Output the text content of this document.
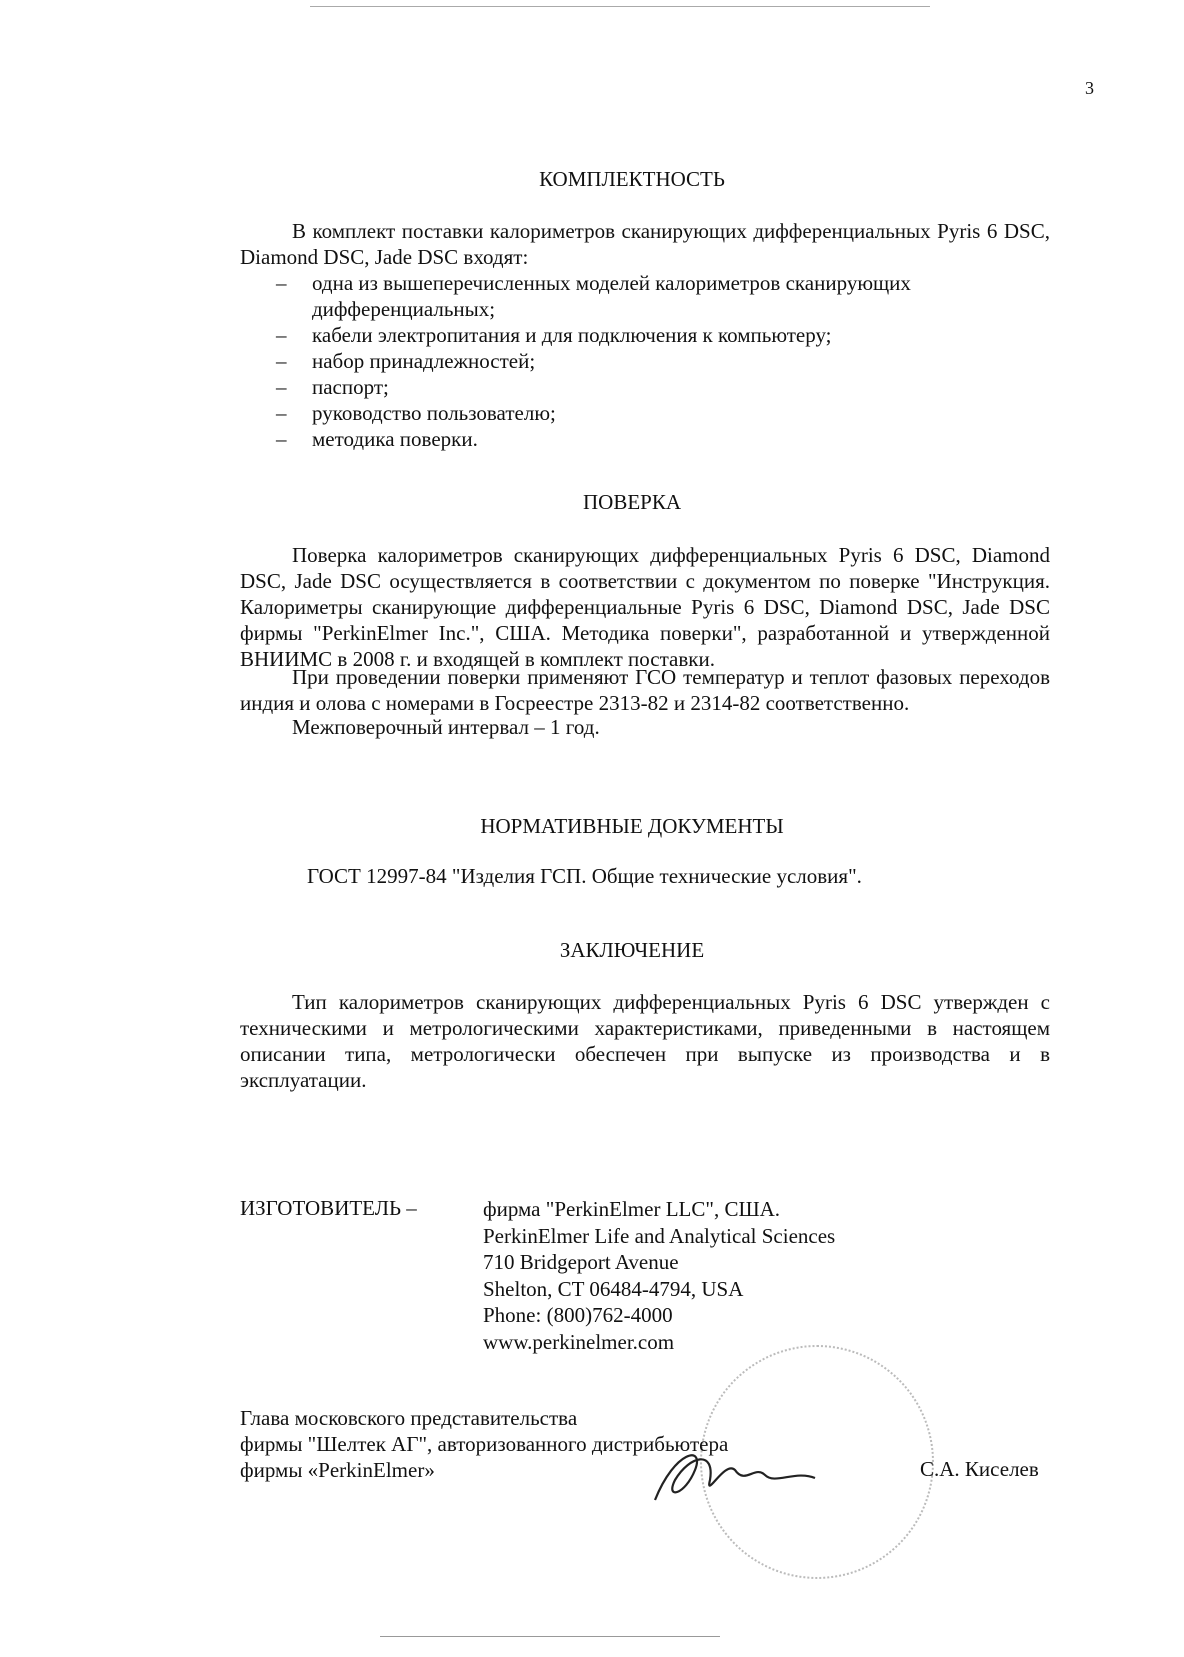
3
КОМПЛЕКТНОСТЬ
В комплект поставки калориметров сканирующих дифференциальных Pyris 6 DSC, Diamond DSC, Jade DSC входят:
– одна из вышеперечисленных моделей калориметров сканирующих дифференциальных;
– кабели электропитания и для подключения к компьютеру;
– набор принадлежностей;
– паспорт;
– руководство пользователю;
– методика поверки.
ПОВЕРКА
Поверка калориметров сканирующих дифференциальных Pyris 6 DSC, Diamond DSC, Jade DSC осуществляется в соответствии с документом по поверке "Инструкция. Калориметры сканирующие дифференциальные Pyris 6 DSC, Diamond DSC, Jade DSC фирмы "PerkinElmer Inc.", США. Методика поверки", разработанной и утвержденной ВНИИМС в 2008 г. и входящей в комплект поставки.
При проведении поверки применяют ГСО температур и теплот фазовых переходов индия и олова с номерами в Госреестре 2313-82 и 2314-82 соответственно.
Межповерочный интервал – 1 год.
НОРМАТИВНЫЕ ДОКУМЕНТЫ
ГОСТ 12997-84 "Изделия ГСП. Общие технические условия".
ЗАКЛЮЧЕНИЕ
Тип калориметров сканирующих дифференциальных Pyris 6 DSC утвержден с техническими и метрологическими характеристиками, приведенными в настоящем описании типа, метрологически обеспечен при выпуске из производства и в эксплуатации.
ИЗГОТОВИТЕЛЬ –	фирма "PerkinElmer LLC", США.
PerkinElmer Life and Analytical Sciences
710 Bridgeport Avenue
Shelton, CT 06484-4794, USA
Phone: (800)762-4000
www.perkinelmer.com
Глава московского представительства
фирмы "Шелтек АГ", авторизованного дистрибьютера
фирмы «PerkinElmer»	С.А. Киселев
